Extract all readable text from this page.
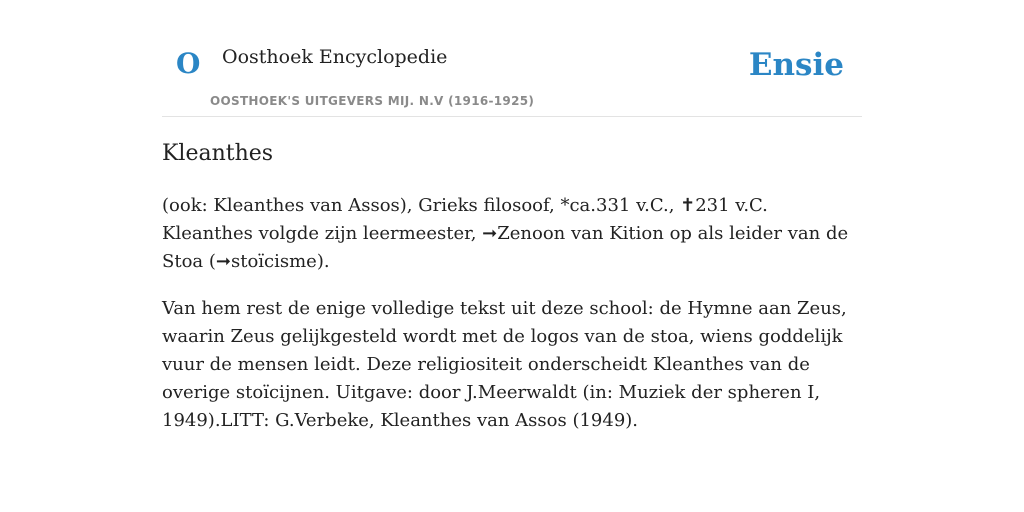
O Oosthoek Encyclopedie
OOSTHOEK'S UITGEVERS MIJ. N.V (1916-1925)
Ensie
Kleanthes

(ook: Kleanthes van Assos), Grieks filosoof, *ca.331 v.C., ✝231 v.C. Kleanthes volgde zijn leermeester, ➞Zenoon van Kition op als leider van de Stoa (➞stoïcisme).

Van hem rest de enige volledige tekst uit deze school: de Hymne aan Zeus, waarin Zeus gelijkgesteld wordt met de logos van de stoa, wiens goddelijk vuur de mensen leidt. Deze religiositeit onderscheidt Kleanthes van de overige stoïcijnen. Uitgave: door J.Meerwaldt (in: Muziek der spheren I, 1949).LITT: G.Verbeke, Kleanthes van Assos (1949).
